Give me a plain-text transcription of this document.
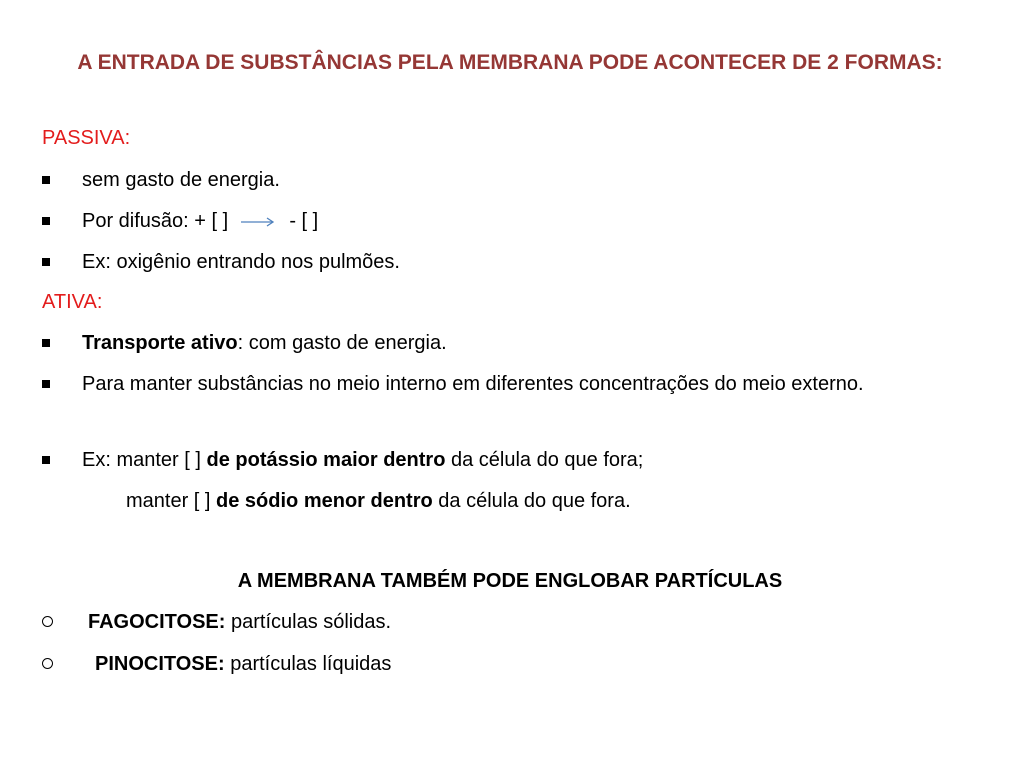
A ENTRADA DE SUBSTÂNCIAS PELA MEMBRANA PODE ACONTECER DE 2 FORMAS:
PASSIVA:
sem gasto de energia.
Por difusão: + [ ]	- [ ]
Ex: oxigênio entrando nos pulmões.
ATIVA:
Transporte ativo: com gasto de energia.
Para manter substâncias no meio interno em diferentes concentrações do meio externo.
Ex: manter [ ] de potássio maior dentro da célula do que fora;
manter [ ] de sódio menor dentro da célula do que fora.
A MEMBRANA TAMBÉM PODE ENGLOBAR PARTÍCULAS
FAGOCITOSE: partículas sólidas.
PINOCITOSE: partículas líquidas
